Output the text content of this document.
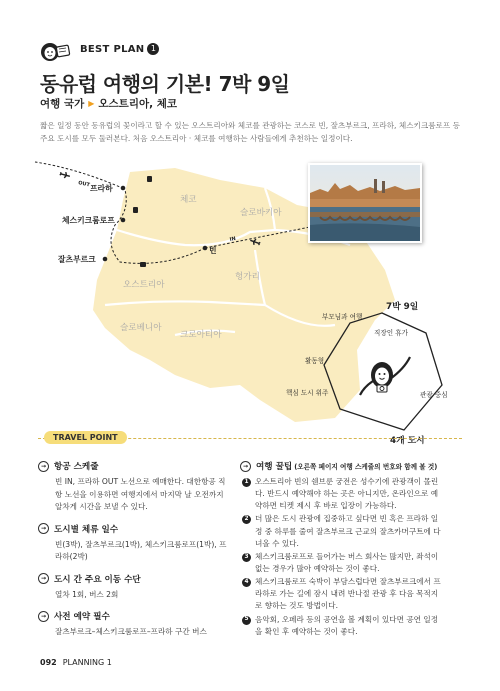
BEST PLAN 1
동유럽 여행의 기본! 7박 9일
여행 국가 ▶ 오스트리아, 체코

짧은 일정 동안 동유럽의 꽃이라고 할 수 있는 오스트리아와 체코를 관광하는 코스로 빈, 잘츠부르크, 프라하, 체스키크룸로프 등 주요 도시를 모두 둘러본다. 처음 오스트리아 · 체코를 여행하는 사람들에게 추천하는 일정이다.

체코
슬로바키아
오스트리아
헝가리
슬로베니아
크로아티아
OUT
IN
프라하
체스키크룸로프
잘츠부르크
빈
7박 9일
직장인 휴가
관광 중심
4개 도시
핵심 도시 위주
활동형
부모님과 여행
TRAVEL POINT
→ 항공 스케줄

빈 IN, 프라하 OUT 노선으로 예매한다. 대한항공 직항 노선을 이용하면 여행지에서 마지막 날 오전까지 알차게 시간을 보낼 수 있다.

→ 도시별 체류 일수

빈(3박), 잘츠부르크(1박), 체스키크룸로프(1박), 프라하(2박)

→ 도시 간 주요 이동 수단

열차 1회, 버스 2회

→ 사전 예약 필수

잘츠부르크–체스키크룸로프–프라하 구간 버스

→ 여행 꿀팁 (오른쪽 페이지 여행 스케줄의 번호와 함께 볼 것)
1 오스트리아 빈의 쉔브룬 궁전은 성수기에 관광객이 몰린다. 반드시 예약해야 하는 곳은 아니지만, 온라인으로 예약하면 티켓 제시 후 바로 입장이 가능하다.
2 더 많은 도시 관광에 집중하고 싶다면 빈 혹은 프라하 일정 중 하루를 줄여 잘츠부르크 근교의 잘츠카머구트에 다녀올 수 있다.
3 체스키크룸로프로 들어가는 버스 회사는 많지만, 좌석이 없는 경우가 많아 예약하는 것이 좋다.
4 체스키크룸로프 숙박이 부담스럽다면 잘츠부르크에서 프라하로 가는 길에 잠시 내려 반나절 관광 후 다음 목적지로 향하는 것도 방법이다.
5 음악회, 오페라 등의 공연을 볼 계획이 있다면 공연 일정을 확인 후 예약하는 것이 좋다.
092 PLANNING 1
